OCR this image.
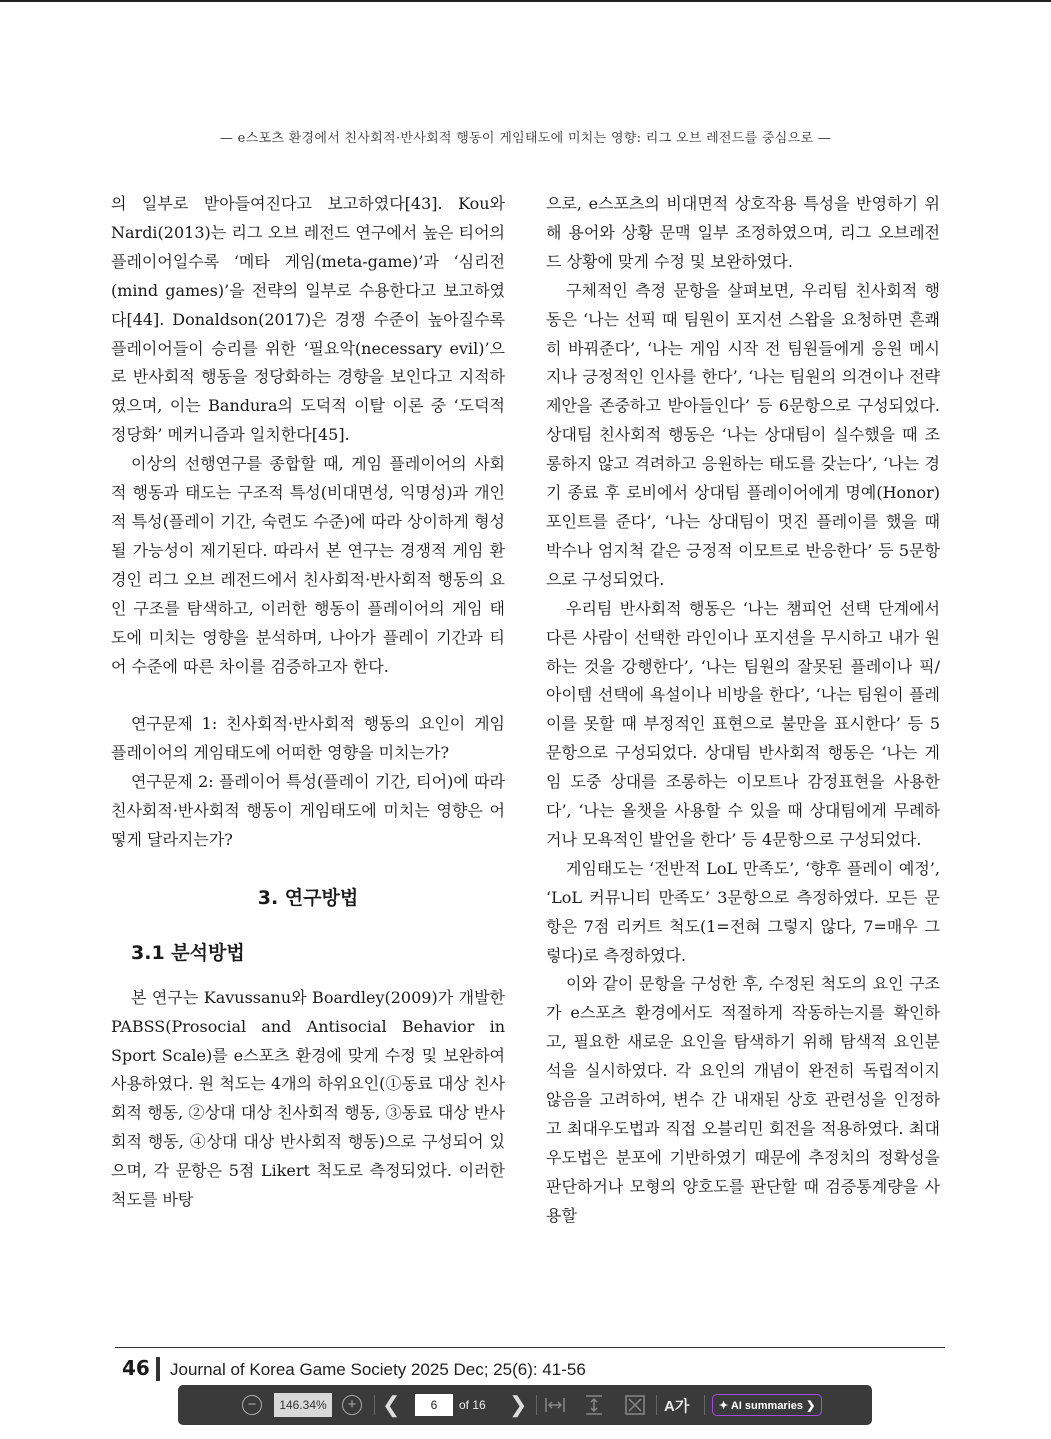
— e스포츠 환경에서 친사회적·반사회적 행동이 게임태도에 미치는 영향: 리그 오브 레전드를 중심으로 —

의 일부로 받아들여진다고 보고하였다[43]. Kou와 Nardi(2013)는 리그 오브 레전드 연구에서 높은 티어의 플레이어일수록 ‘메타 게임(meta-game)’과 ‘심리전(mind games)’을 전략의 일부로 수용한다고 보고하였다[44]. Donaldson(2017)은 경쟁 수준이 높아질수록 플레이어들이 승리를 위한 ‘필요악(necessary evil)’으로 반사회적 행동을 정당화하는 경향을 보인다고 지적하였으며, 이는 Bandura의 도덕적 이탈 이론 중 ‘도덕적 정당화’ 메커니즘과 일치한다[45].

이상의 선행연구를 종합할 때, 게임 플레이어의 사회적 행동과 태도는 구조적 특성(비대면성, 익명성)과 개인적 특성(플레이 기간, 숙련도 수준)에 따라 상이하게 형성될 가능성이 제기된다. 따라서 본 연구는 경쟁적 게임 환경인 리그 오브 레전드에서 친사회적·반사회적 행동의 요인 구조를 탐색하고, 이러한 행동이 플레이어의 게임 태도에 미치는 영향을 분석하며, 나아가 플레이 기간과 티어 수준에 따른 차이를 검증하고자 한다.

연구문제 1: 친사회적·반사회적 행동의 요인이 게임 플레이어의 게임태도에 어떠한 영향을 미치는가?

연구문제 2: 플레이어 특성(플레이 기간, 티어)에 따라 친사회적·반사회적 행동이 게임태도에 미치는 영향은 어떻게 달라지는가?

3. 연구방법

3.1 분석방법

본 연구는 Kavussanu와 Boardley(2009)가 개발한 PABSS(Prosocial and Antisocial Behavior in Sport Scale)를 e스포츠 환경에 맞게 수정 및 보완하여 사용하였다. 원 척도는 4개의 하위요인(①동료 대상 친사회적 행동, ②상대 대상 친사회적 행동, ③동료 대상 반사회적 행동, ④상대 대상 반사회적 행동)으로 구성되어 있으며, 각 문항은 5점 Likert 척도로 측정되었다. 이러한 척도를 바탕

으로, e스포츠의 비대면적 상호작용 특성을 반영하기 위해 용어와 상황 문맥 일부 조정하였으며, 리그 오브레전드 상황에 맞게 수정 및 보완하였다.

구체적인 측정 문항을 살펴보면, 우리팀 친사회적 행동은 ‘나는 선픽 때 팀원이 포지션 스왑을 요청하면 흔쾌히 바꿔준다’, ‘나는 게임 시작 전 팀원들에게 응원 메시지나 긍정적인 인사를 한다’, ‘나는 팀원의 의견이나 전략 제안을 존중하고 받아들인다’ 등 6문항으로 구성되었다. 상대팀 친사회적 행동은 ‘나는 상대팀이 실수했을 때 조롱하지 않고 격려하고 응원하는 태도를 갖는다’, ‘나는 경기 종료 후 로비에서 상대팀 플레이어에게 명예(Honor) 포인트를 준다’, ‘나는 상대팀이 멋진 플레이를 했을 때 박수나 엄지척 같은 긍정적 이모트로 반응한다’ 등 5문항으로 구성되었다.

우리팀 반사회적 행동은 ‘나는 챔피언 선택 단계에서 다른 사람이 선택한 라인이나 포지션을 무시하고 내가 원하는 것을 강행한다’, ‘나는 팀원의 잘못된 플레이나 픽/아이템 선택에 욕설이나 비방을 한다’, ‘나는 팀원이 플레이를 못할 때 부정적인 표현으로 불만을 표시한다’ 등 5문항으로 구성되었다. 상대팀 반사회적 행동은 ‘나는 게임 도중 상대를 조롱하는 이모트나 감정표현을 사용한다’, ‘나는 올챗을 사용할 수 있을 때 상대팀에게 무례하거나 모욕적인 발언을 한다’ 등 4문항으로 구성되었다.

게임태도는 ‘전반적 LoL 만족도’, ‘향후 플레이 예정’, ‘LoL 커뮤니티 만족도’ 3문항으로 측정하였다. 모든 문항은 7점 리커트 척도(1=전혀 그렇지 않다, 7=매우 그렇다)로 측정하였다.

이와 같이 문항을 구성한 후, 수정된 척도의 요인 구조가 e스포츠 환경에서도 적절하게 작동하는지를 확인하고, 필요한 새로운 요인을 탐색하기 위해 탐색적 요인분석을 실시하였다. 각 요인의 개념이 완전히 독립적이지 않음을 고려하여, 변수 간 내재된 상호 관련성을 인정하고 최대우도법과 직접 오블리민 회전을 적용하였다. 최대우도법은 분포에 기반하였기 때문에 추정치의 정확성을 판단하거나 모형의 양호도를 판단할 때 검증통계량을 사용할

46 Journal of Korea Game Society 2025 Dec; 25(6): 41-56
−	146.34%	+ ❮
6	of 16 ❯	A가	✦ AI summaries ❯
